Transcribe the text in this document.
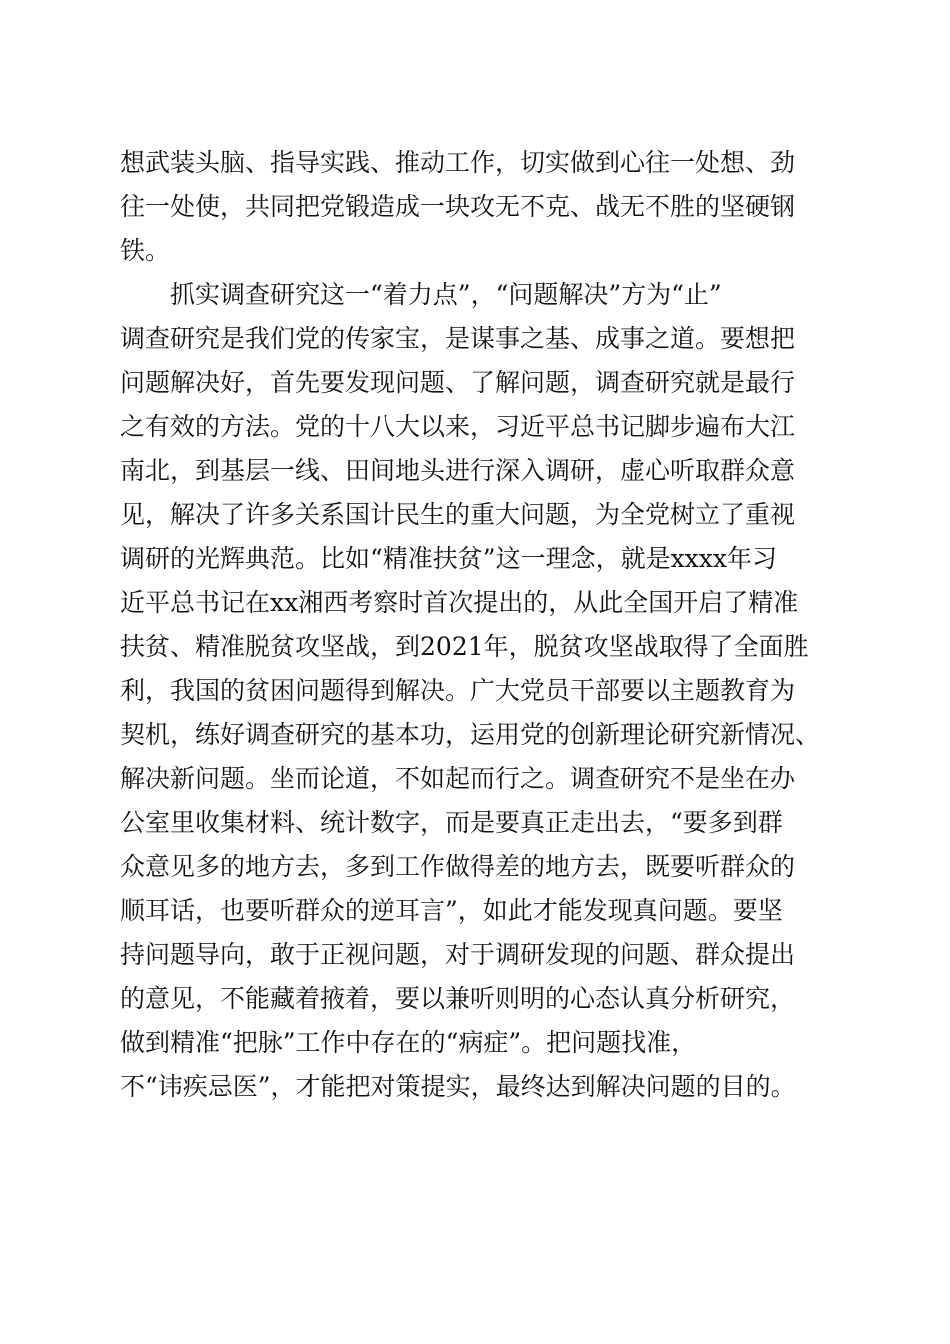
想武装头脑、指导实践、推动工作，切实做到心往一处想、劲
往一处使，共同把党锻造成一块攻无不克、战无不胜的坚硬钢
铁。
抓实调查研究这一“着力点”，“问题解决”方为“止”
调查研究是我们党的传家宝，是谋事之基、成事之道。要想把
问题解决好，首先要发现问题、了解问题，调查研究就是最行
之有效的方法。党的十八大以来，习近平总书记脚步遍布大江
南北，到基层一线、田间地头进行深入调研，虚心听取群众意
见，解决了许多关系国计民生的重大问题，为全党树立了重视
调研的光辉典范。比如“精准扶贫”这一理念，就是xxxx年习
近平总书记在xx湘西考察时首次提出的，从此全国开启了精准
扶贫、精准脱贫攻坚战，到2021年，脱贫攻坚战取得了全面胜
利，我国的贫困问题得到解决。广大党员干部要以主题教育为
契机，练好调查研究的基本功，运用党的创新理论研究新情况、
解决新问题。坐而论道，不如起而行之。调查研究不是坐在办
公室里收集材料、统计数字，而是要真正走出去，“要多到群
众意见多的地方去，多到工作做得差的地方去，既要听群众的
顺耳话，也要听群众的逆耳言”，如此才能发现真问题。要坚
持问题导向，敢于正视问题，对于调研发现的问题、群众提出
的意见，不能藏着掖着，要以兼听则明的心态认真分析研究，
做到精准“把脉”工作中存在的“病症”。把问题找准，
不“讳疾忌医”，才能把对策提实，最终达到解决问题的目的。
